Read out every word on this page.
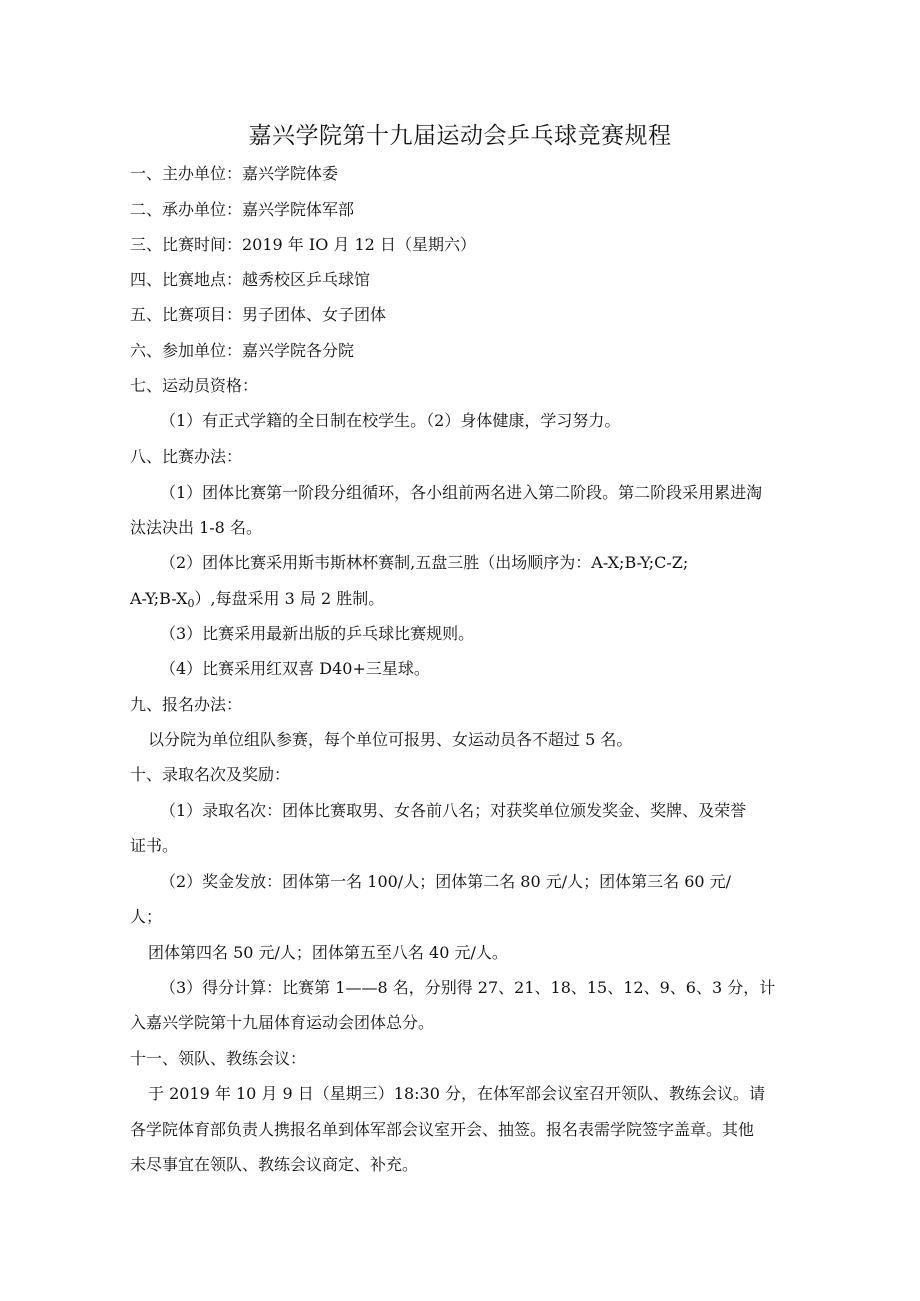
嘉兴学院第十九届运动会乒乓球竞赛规程
一、主办单位：嘉兴学院体委
二、承办单位：嘉兴学院体军部
三、比赛时间：2019 年 IO 月 12 日（星期六）
四、比赛地点：越秀校区乒乓球馆
五、比赛项目：男子团体、女子团体
六、参加单位：嘉兴学院各分院
七、运动员资格：
（1）有正式学籍的全日制在校学生。（2）身体健康，学习努力。
八、比赛办法：
（1）团体比赛第一阶段分组循环，各小组前两名进入第二阶段。第二阶段采用累进淘
汰法决出 1-8 名。
（2）团体比赛采用斯韦斯林杯赛制,五盘三胜（出场顺序为：A-X;B-Y;C-Z;
$A-Y;B-X_0$）,每盘采用 3 局 2 胜制。
（3）比赛采用最新出版的乒乓球比赛规则。
（4）比赛采用红双喜 D40+三星球。
九、报名办法：
以分院为单位组队参赛，每个单位可报男、女运动员各不超过 5 名。
十、录取名次及奖励：
（1）录取名次：团体比赛取男、女各前八名；对获奖单位颁发奖金、奖牌、及荣誉
证书。
（2）奖金发放：团体第一名 100/人；团体第二名 80 元/人；团体第三名 60 元/
人；
团体第四名 50 元/人；团体第五至八名 40 元/人。
（3）得分计算：比赛第 1——8 名，分别得 27、21、18、15、12、9、6、3 分，计
入嘉兴学院第十九届体育运动会团体总分。
十一、领队、教练会议：
于 2019 年 10 月 9 日（星期三）18:30 分，在体军部会议室召开领队、教练会议。请
各学院体育部负责人携报名单到体军部会议室开会、抽签。报名表需学院签字盖章。其他
未尽事宜在领队、教练会议商定、补充。
